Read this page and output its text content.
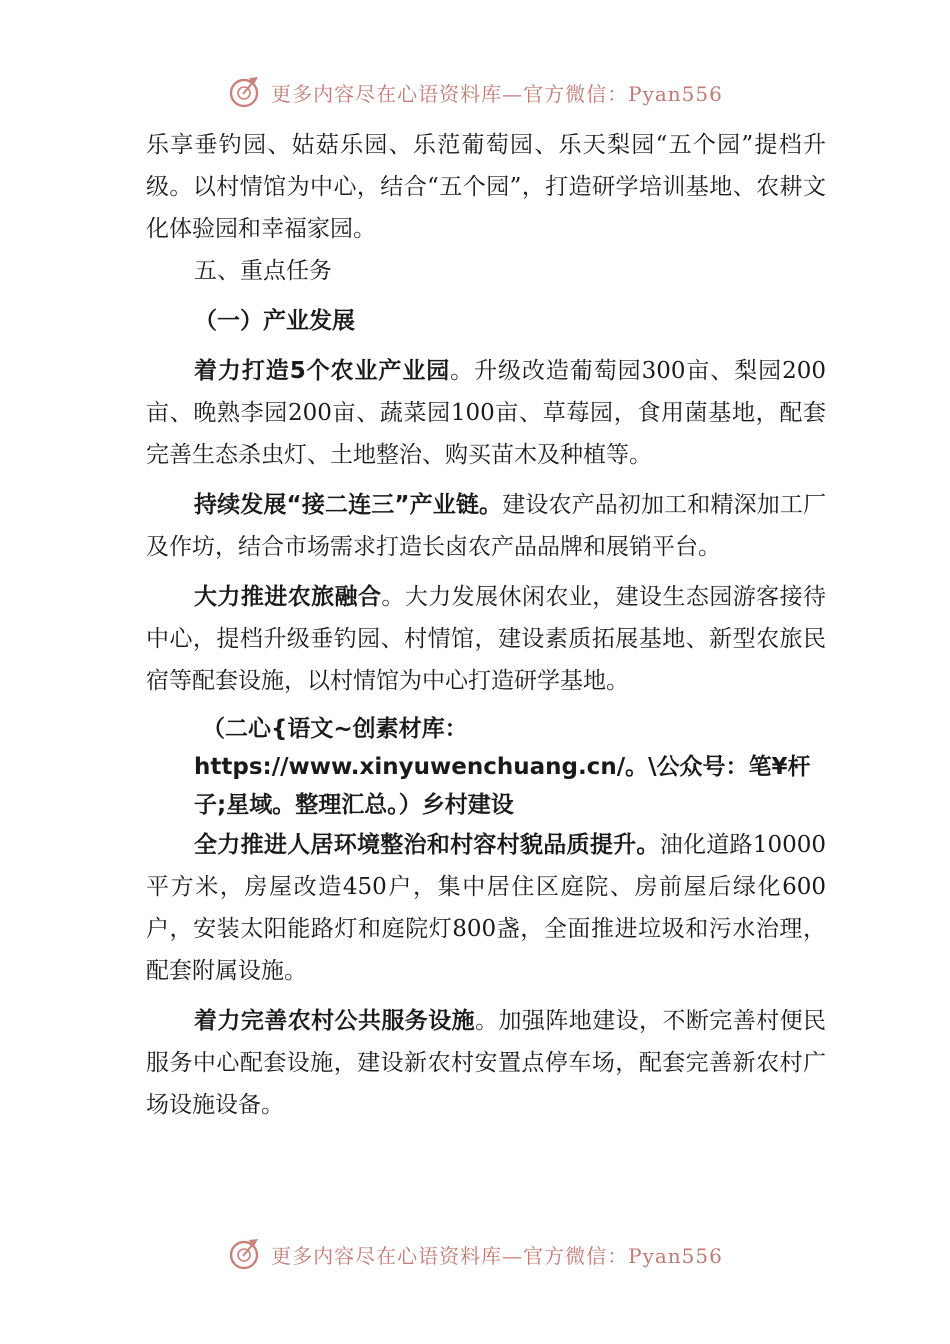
更多内容尽在心语资料库—官方微信：Pyan556

乐享垂钓园、姑菇乐园、乐范葡萄园、乐天梨园“五个园”提档升级。以村情馆为中心，结合“五个园”，打造研学培训基地、农耕文化体验园和幸福家园。

五、重点任务

（一）产业发展

着力打造5个农业产业园。升级改造葡萄园300亩、梨园200亩、晚熟李园200亩、蔬菜园100亩、草莓园，食用菌基地，配套完善生态杀虫灯、土地整治、购买苗木及种植等。

持续发展“接二连三”产业链。建设农产品初加工和精深加工厂及作坊，结合市场需求打造长卤农产品品牌和展销平台。

大力推进农旅融合。大力发展休闲农业，建设生态园游客接待中心，提档升级垂钓园、村情馆，建设素质拓展基地、新型农旅民宿等配套设施，以村情馆为中心打造研学基地。

（二心{语文~创素材库：https://www.xinyuwenchuang.cn/。\公众号：笔¥杆子;星域。整理汇总。）乡村建设

全力推进人居环境整治和村容村貌品质提升。油化道路10000平方米，房屋改造450户，集中居住区庭院、房前屋后绿化600户，安装太阳能路灯和庭院灯800盏，全面推进垃圾和污水治理，配套附属设施。

着力完善农村公共服务设施。加强阵地建设，不断完善村便民服务中心配套设施，建设新农村安置点停车场，配套完善新农村广场设施设备。

更多内容尽在心语资料库—官方微信：Pyan556
